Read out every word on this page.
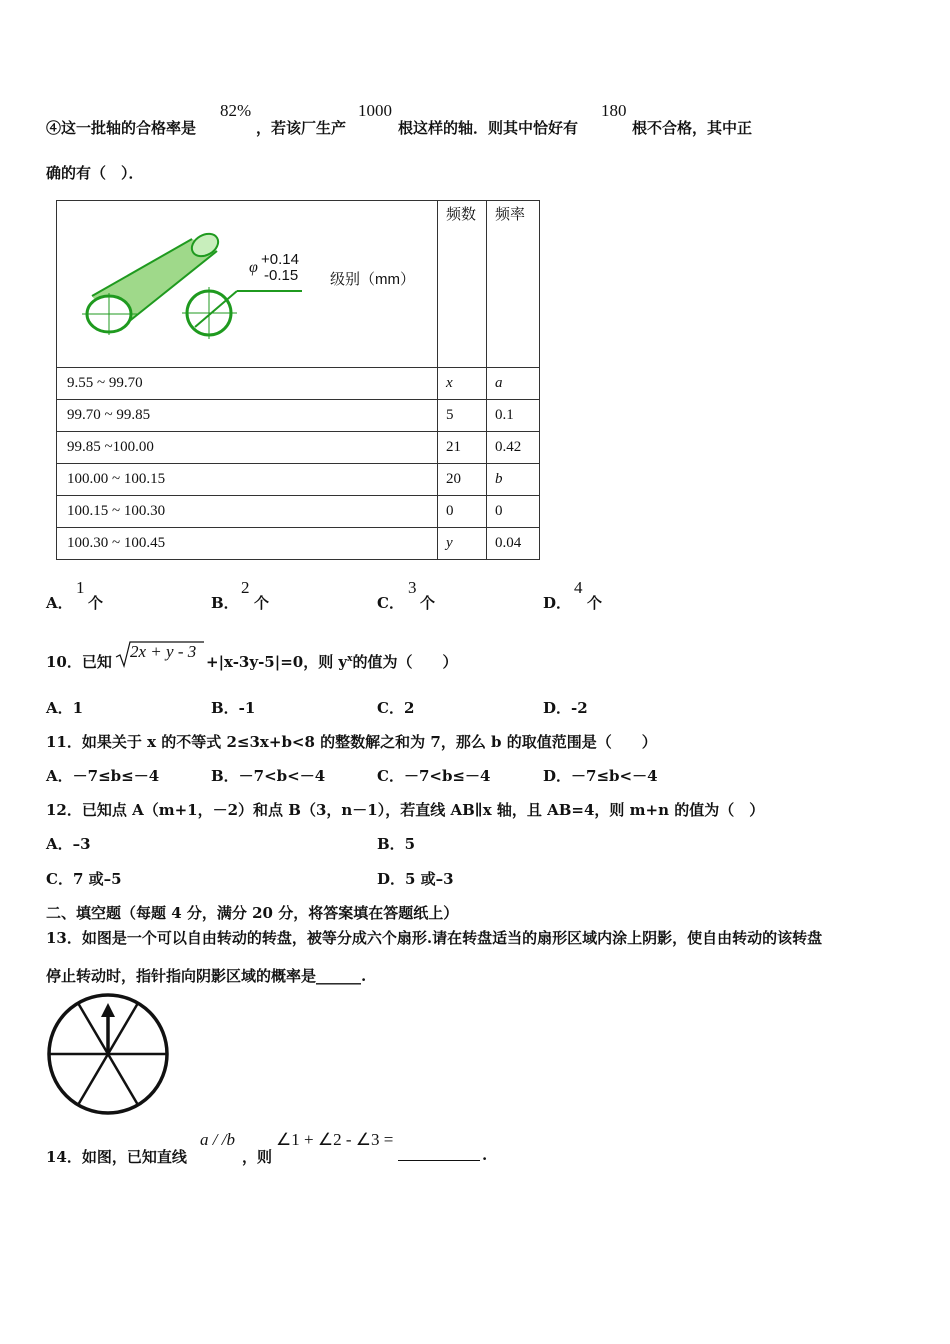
④这一批轴的合格率是
82%
，若该厂生产
1000
根这样的轴．则其中恰好有
180
根不合格，其中正
确的有（　）．
φ +0.14
-0.15 级别（mm）	频数	频率
9.55 ~ 99.70	x	a
99.70 ~ 99.85	5	0.1
99.85 ~100.00	21	0.42
100.00 ~ 100.15	20	b
100.15 ~ 100.30	0	0
100.30 ~ 100.45	y	0.04
A．
1
个	B．
2
个	C．
3
个	D．
4
个
10．已知
2x + y - 3
+|x-3y-5|=0，则 $y^x$的值为（　　）
A．1	B．-1	C．2	D．-2
11．如果关于 x 的不等式 2≤3x+b<8 的整数解之和为 7，那么 b 的取值范围是（　　）
A．－7≤b≤－4	B．－7<b<－4	C．－7<b≤－4	D．－7≤b<－4
12．已知点 A（m+1，－2）和点 B（3，n－1），若直线 AB∥x 轴，且 AB=4，则 m+n 的值为（　）
A．–3	B．5
C．7 或–5	D．5 或–3
二、填空题（每题 4 分，满分 20 分，将答案填在答题纸上）
13．如图是一个可以自由转动的转盘，被等分成六个扇形.请在转盘适当的扇形区域内涂上阴影，使自由转动的该转盘
停止转动时，指针指向阴影区域的概率是______.
14．如图，已知直线
a / /b
，则
∠1 + ∠2 - ∠3 =
.
